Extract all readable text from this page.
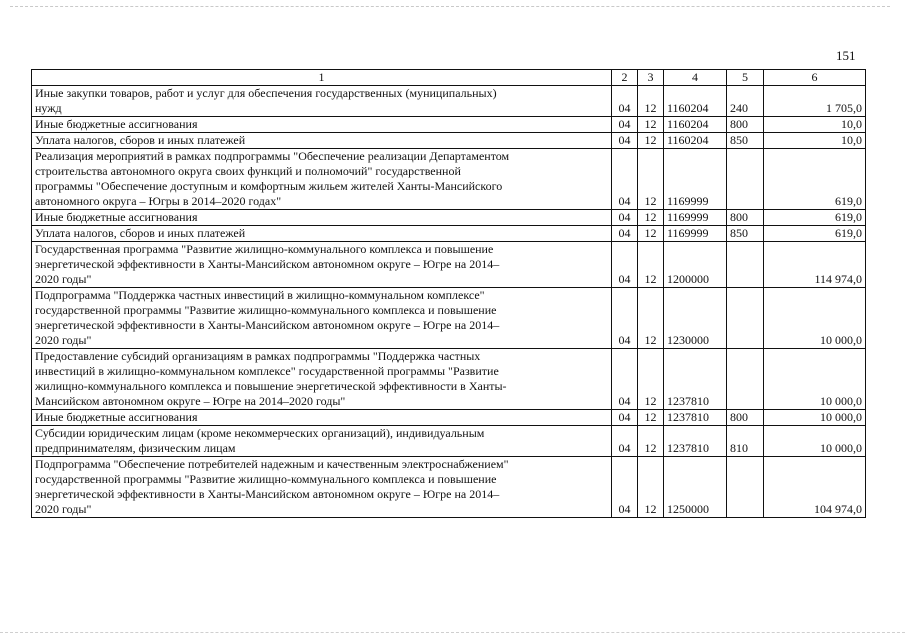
151
1	2	3	4	5	6
Иные закупки товаров, работ и услуг для обеспечения государственных (муниципальных)
нужд	04	12	1160204	240	1 705,0
Иные бюджетные ассигнования	04	12	1160204	800	10,0
Уплата налогов, сборов и иных платежей	04	12	1160204	850	10,0
Реализация мероприятий в рамках подпрограммы "Обеспечение реализации Департаментом
строительства автономного округа своих функций и полномочий" государственной
программы "Обеспечение доступным и комфортным жильем жителей Ханты-Мансийского
автономного округа – Югры в 2014–2020 годах"	04	12	1169999		619,0
Иные бюджетные ассигнования	04	12	1169999	800	619,0
Уплата налогов, сборов и иных платежей	04	12	1169999	850	619,0
Государственная программа "Развитие жилищно-коммунального комплекса и повышение
энергетической эффективности в Ханты-Мансийском автономном округе – Югре на 2014–
2020 годы"	04	12	1200000		114 974,0
Подпрограмма "Поддержка частных инвестиций в жилищно-коммунальном комплексе"
государственной программы "Развитие жилищно-коммунального комплекса и повышение
энергетической эффективности в Ханты-Мансийском автономном округе – Югре на 2014–
2020 годы"	04	12	1230000		10 000,0
Предоставление субсидий организациям в рамках подпрограммы "Поддержка частных
инвестиций в жилищно-коммунальном комплексе" государственной программы "Развитие
жилищно-коммунального комплекса и повышение энергетической эффективности в Ханты-
Мансийском автономном округе – Югре на 2014–2020 годы"	04	12	1237810		10 000,0
Иные бюджетные ассигнования	04	12	1237810	800	10 000,0
Субсидии юридическим лицам (кроме некоммерческих организаций), индивидуальным
предпринимателям, физическим лицам	04	12	1237810	810	10 000,0
Подпрограмма "Обеспечение потребителей надежным и качественным электроснабжением"
государственной программы "Развитие жилищно-коммунального комплекса и повышение
энергетической эффективности в Ханты-Мансийском автономном округе – Югре на 2014–
2020 годы"	04	12	1250000		104 974,0
